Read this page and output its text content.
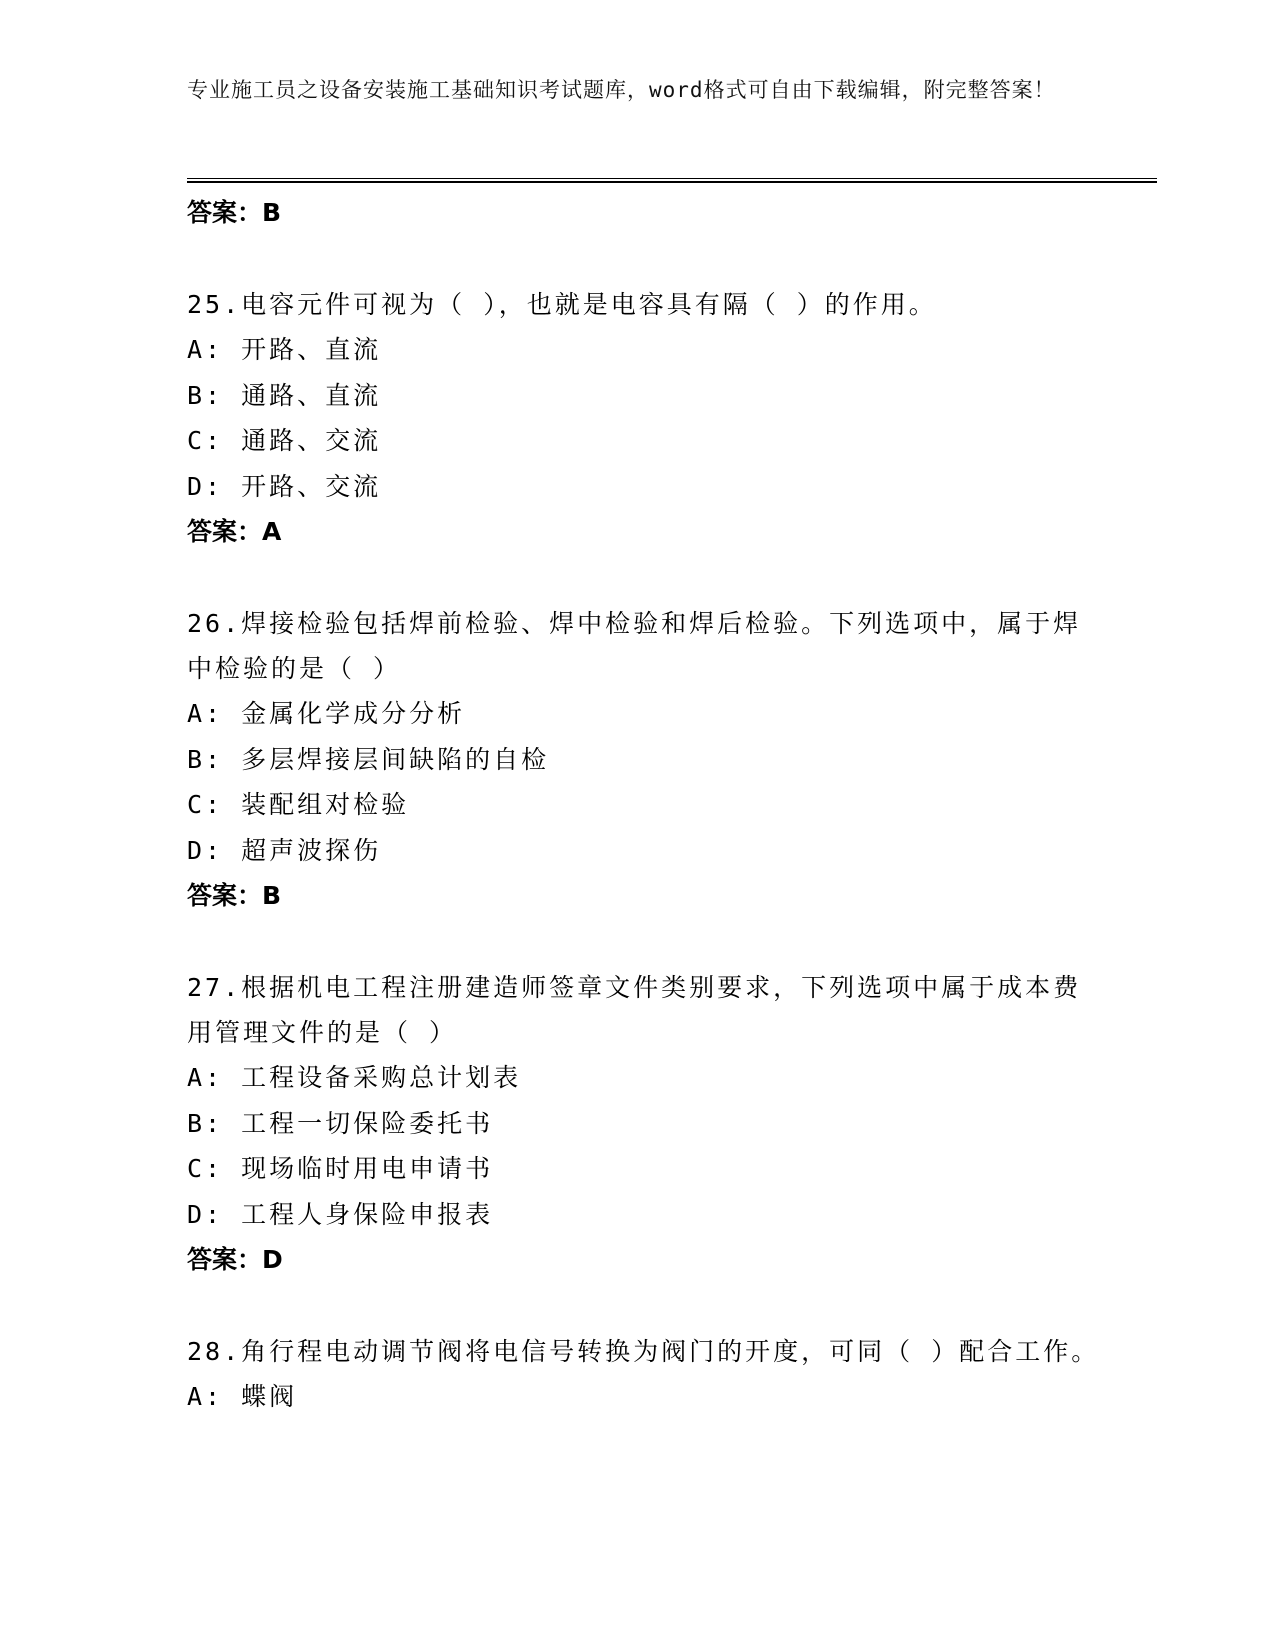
专业施工员之设备安装施工基础知识考试题库，word格式可自由下载编辑，附完整答案！

答案：B

25.电容元件可视为（ ），也就是电容具有隔（ ）的作用。

A: 开路、直流

B: 通路、直流

C: 通路、交流

D: 开路、交流

答案：A

26.焊接检验包括焊前检验、焊中检验和焊后检验。下列选项中，属于焊中检验的是（ ）

A: 金属化学成分分析

B: 多层焊接层间缺陷的自检

C: 装配组对检验

D: 超声波探伤

答案：B

27.根据机电工程注册建造师签章文件类别要求，下列选项中属于成本费用管理文件的是（ ）

A: 工程设备采购总计划表

B: 工程一切保险委托书

C: 现场临时用电申请书

D: 工程人身保险申报表

答案：D

28.角行程电动调节阀将电信号转换为阀门的开度，可同（ ）配合工作。

A: 蝶阀
